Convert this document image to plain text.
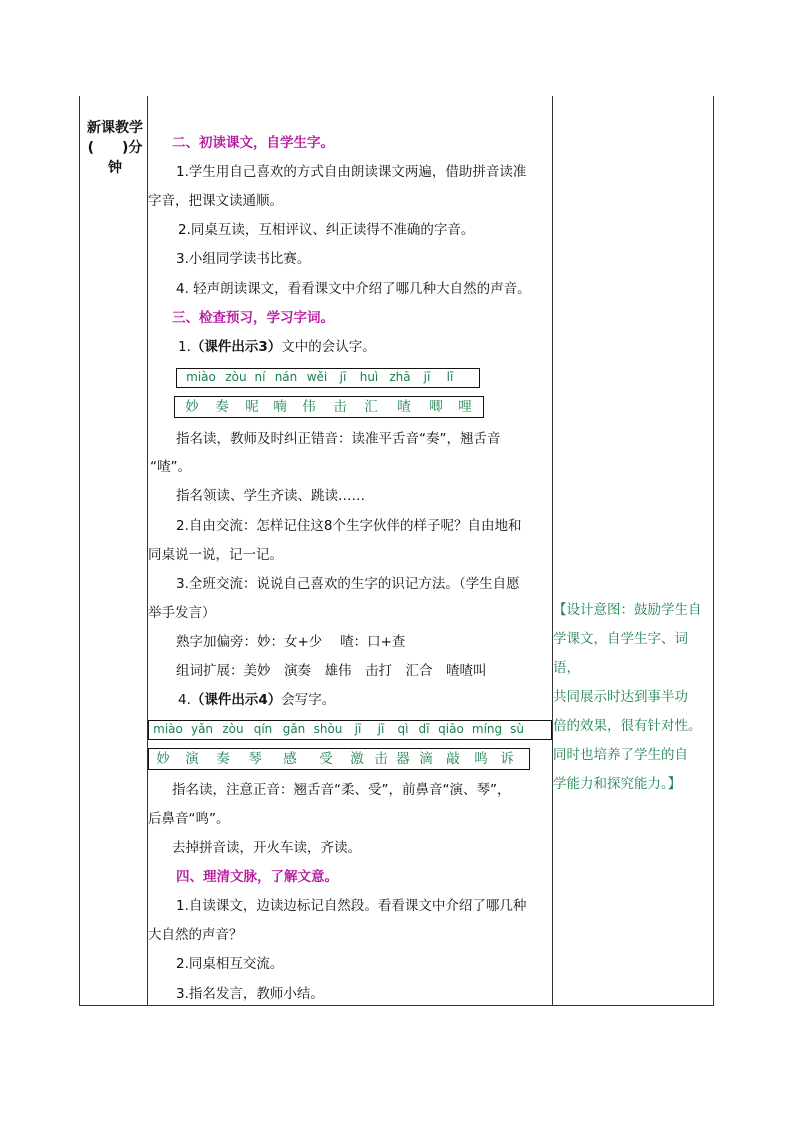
新课教学
(　　)分
钟
二、初读课文，自学生字。
1.学生用自己喜欢的方式自由朗读课文两遍，借助拼音读准
字音，把课文读通顺。
2.同桌互读，互相评议、纠正读得不准确的字音。
3.小组同学读书比赛。
4. 轻声朗读课文，看看课文中介绍了哪几种大自然的声音。
三、检查预习，学习字词。
1.（课件出示3）文中的会认字。
miào zòu ní nán wěi jī huì zhā jī lī
妙 奏 呢 喃 伟 击 汇 喳 唧 哩
指名读，教师及时纠正错音：读准平舌音“奏”，翘舌音
“喳”。
指名领读、学生齐读、跳读……
2.自由交流：怎样记住这8个生字伙伴的样子呢？自由地和
同桌说一说，记一记。
3.全班交流：说说自己喜欢的生字的识记方法。（学生自愿
举手发言）
熟字加偏旁：妙：女+少　 喳：口+查
组词扩展：美妙　演奏　雄伟　击打　汇合　喳喳叫
4.（课件出示4）会写字。
miào yǎn zòu qín gǎn shòu jī jī qì dī qiāo míng sù
妙 演 奏 琴 感 受 激 击 器 滴 敲 鸣 诉
指名读，注意正音：翘舌音“柔、受”，前鼻音“演、琴”，
后鼻音“鸣”。
去掉拼音读，开火车读，齐读。
四、理清文脉，了解文意。
1.自读课文，边读边标记自然段。看看课文中介绍了哪几种
大自然的声音？
2.同桌相互交流。
3.指名发言，教师小结。
【设计意图：鼓励学生自
学课文，自学生字、词语，
共同展示时达到事半功
倍的效果，很有针对性。
同时也培养了学生的自
学能力和探究能力。】
